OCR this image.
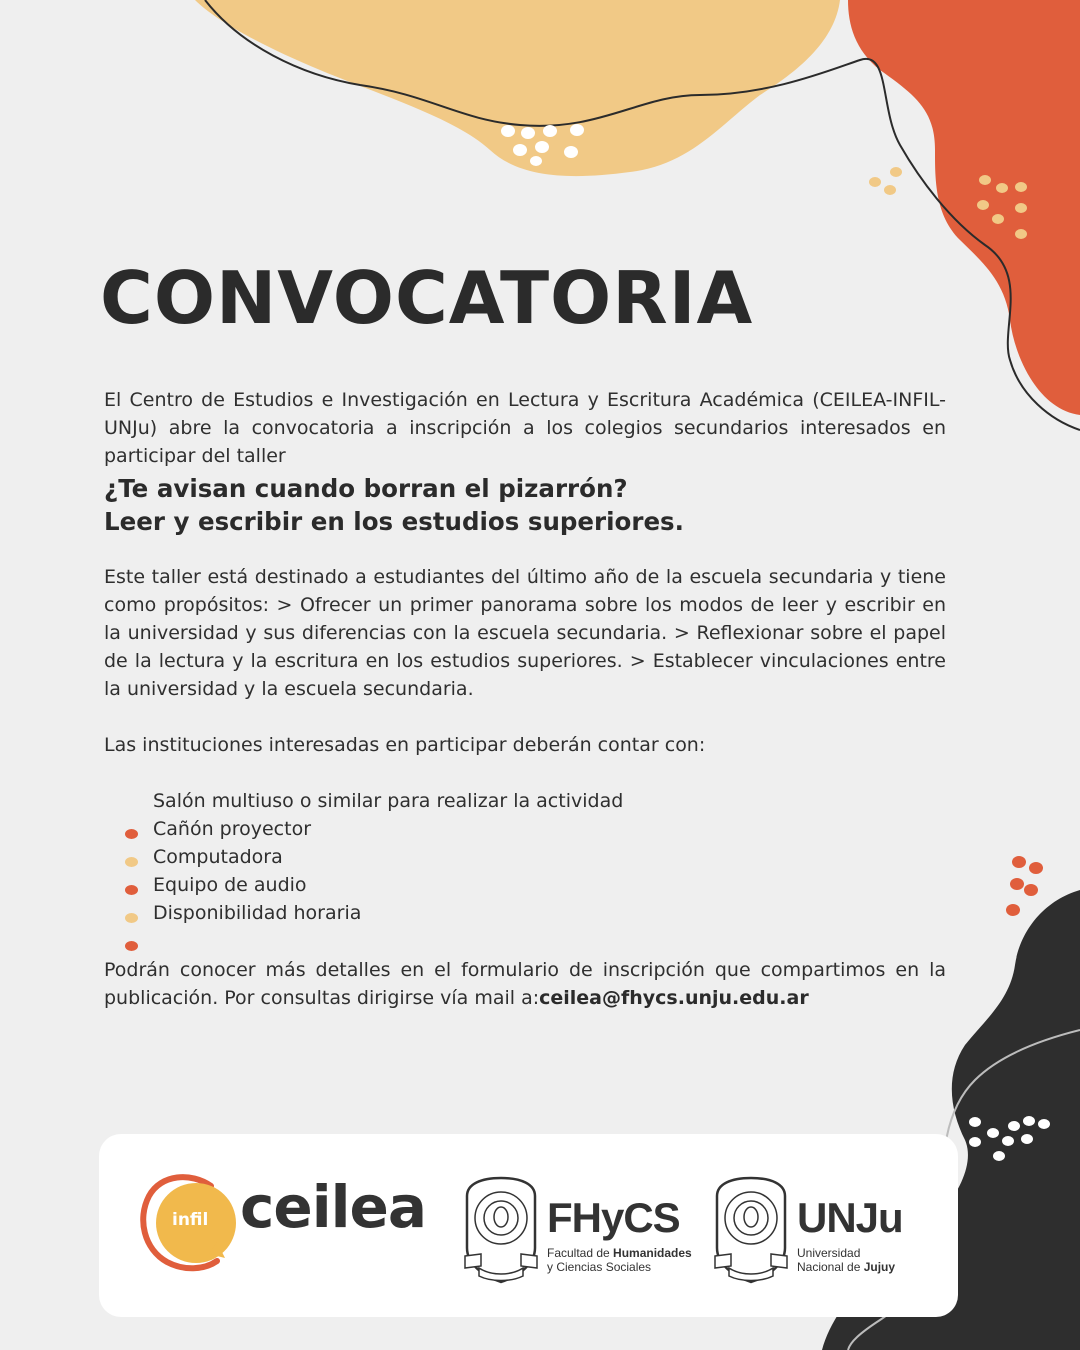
CONVOCATORIA

El Centro de Estudios e Investigación en Lectura y Escritura Académica (CEILEA-INFIL-UNJu) abre la convocatoria a inscripción a los colegios secundarios interesados en participar del taller

¿Te avisan cuando borran el pizarrón?
Leer y escribir en los estudios superiores.

Este taller está destinado a estudiantes del último año de la escuela secundaria y tiene como propósitos: > Ofrecer un primer panorama sobre los modos de leer y escribir en la universidad y sus diferencias con la escuela secundaria. > Reflexionar sobre el papel de la lectura y la escritura en los estudios superiores. > Establecer vinculaciones entre la universidad y la escuela secundaria.

Las instituciones interesadas en participar deberán contar con:

Salón multiuso o similar para realizar la actividad
Cañón proyector
Computadora
Equipo de audio
Disponibilidad horaria

Podrán conocer más detalles en el formulario de inscripción que compartimos en la publicación. Por consultas dirigirse vía mail a:ceilea@fhycs.unju.edu.ar

infil ceilea	FHyCS
Facultad de Humanidades
y Ciencias Sociales
UNJu
Universidad
Nacional de Jujuy
